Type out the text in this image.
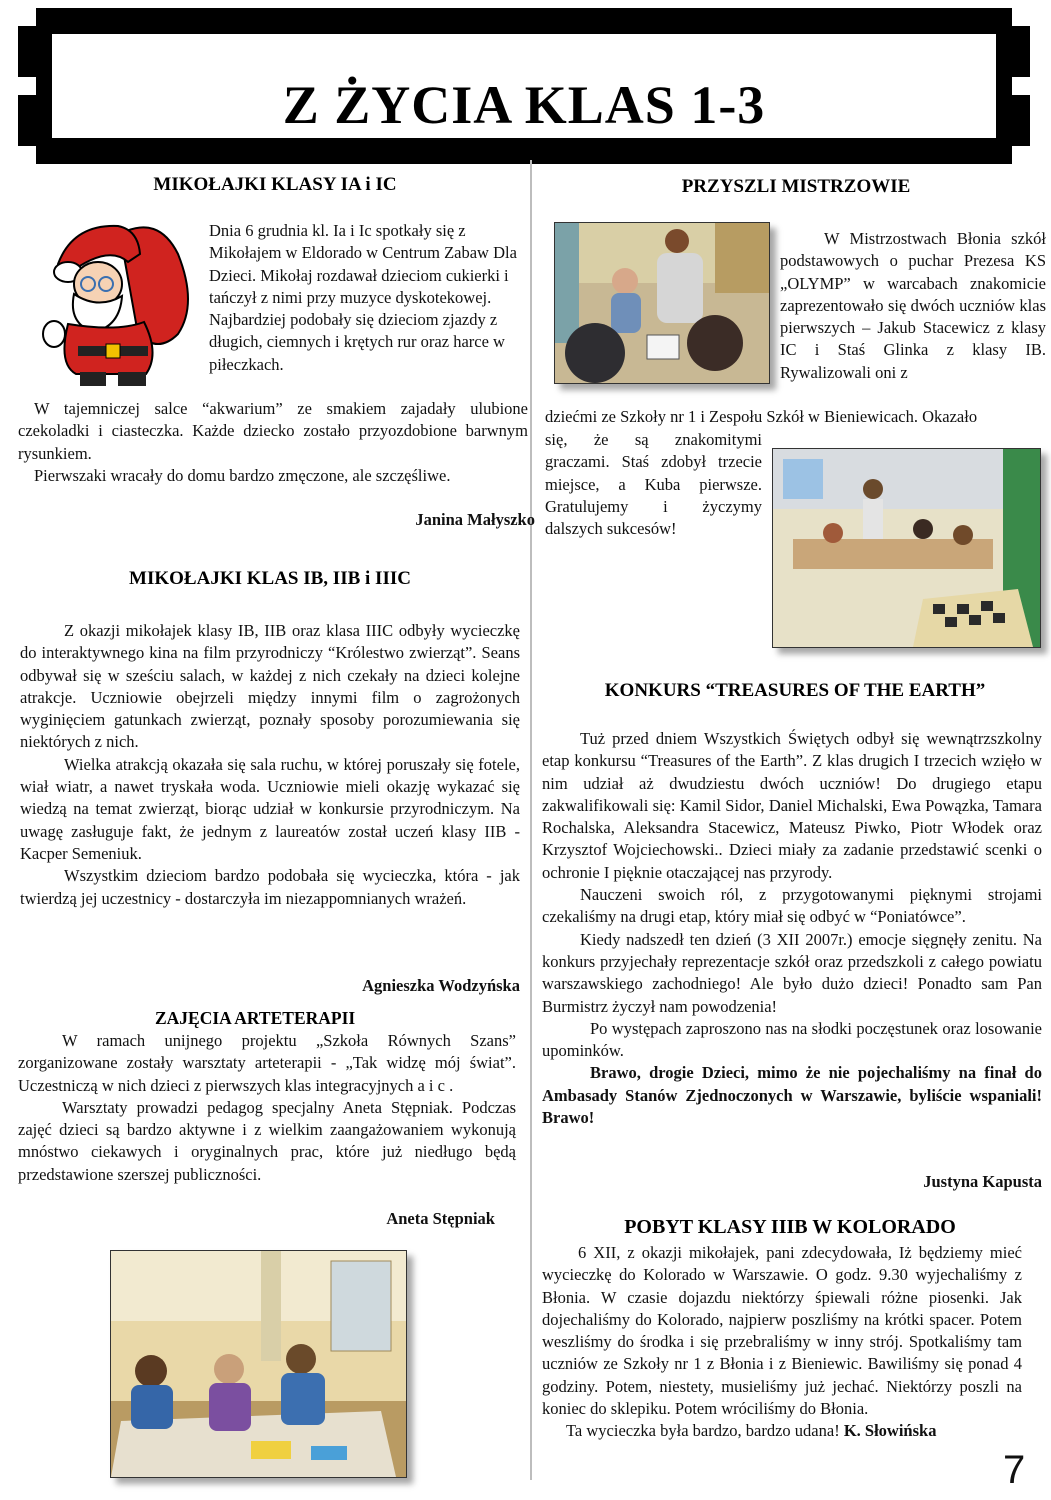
Z ŻYCIA KLAS 1-3
MIKOŁAJKI KLASY IA i IC

Dnia 6 grudnia kl. Ia i Ic spotkały się z Mikołajem w Eldorado w Centrum Zabaw Dla Dzieci. Mikołaj rozdawał dzieciom cukierki i tańczył z nimi przy muzyce dyskotekowej.

Najbardziej podobały się dzieciom zjazdy z długich, ciemnych i krętych rur oraz harce w piłeczkach.

W tajemniczej salce “akwarium” ze smakiem zajadały ulubione czekoladki i ciasteczka. Każde dziecko zostało przyozdobione barwnym rysunkiem.

Pierwszaki wracały do domu bardzo zmęczone, ale szczęśliwe.

Janina Małyszko
MIKOŁAJKI KLAS IB, IIB i IIIC

Z okazji mikołajek klasy IB, IIB oraz klasa IIIC odbyły wycieczkę do interaktywnego kina na film przyrodniczy “Królestwo zwierząt”. Seans odbywał się w sześciu salach, w każdej z nich czekały na dzieci kolejne atrakcje. Uczniowie obejrzeli między innymi film o zagrożonych wyginięciem gatunkach zwierząt, poznały sposoby porozumiewania się niektórych z nich.

Wielka atrakcją okazała się sala ruchu, w której poruszały się fotele, wiał wiatr, a nawet tryskała woda. Uczniowie mieli okazję wykazać się wiedzą na temat zwierząt, biorąc udział w konkursie przyrodniczym. Na uwagę zasługuje fakt, że jednym z laureatów został uczeń klasy IIB - Kacper Semeniuk.

Wszystkim dzieciom bardzo podobała się wycieczka, która - jak twierdzą jej uczestnicy - dostarczyła im niezappomnianych wrażeń.

Agnieszka Wodzyńska
ZAJĘCIA ARTETERAPII

W ramach unijnego projektu „Szkoła Równych Szans” zorganizowane zostały warsztaty arteterapii - „Tak widzę mój świat”. Uczestniczą w nich dzieci z pierwszych klas integracyjnych a i c .

Warsztaty prowadzi pedagog specjalny Aneta Stępniak. Podczas zajęć dzieci są bardzo aktywne i z wielkim zaangażowaniem wykonują mnóstwo ciekawych i oryginalnych prac, które już niedługo będą przedstawione szerszej publiczności.

Aneta Stępniak
PRZYSZLI MISTRZOWIE

W Mistrzostwach Błonia szkół podstawowych o puchar Prezesa KS „OLYMP” w warcabach znakomicie zaprezentowało się dwóch uczniów klas pierwszych – Jakub Stacewicz z klasy IC i Staś Glinka z klasy IB. Rywalizowali oni z

dziećmi ze Szkoły nr 1 i Zespołu Szkół w Bieniewicach. Okazało

się, że są znakomitymi graczami. Staś zdobył trzecie miejsce, a Kuba pierwsze. Gratulujemy i życzymy dalszych sukcesów!

KONKURS “TREASURES OF THE EARTH”

Tuż przed dniem Wszystkich Świętych odbył się wewnątrzszkolny etap konkursu “Treasures of the Earth”. Z klas drugich I trzecich wzięło w nim udział aż dwudziestu dwóch uczniów! Do drugiego etapu zakwalifikowali się: Kamil Sidor, Daniel Michalski, Ewa Powązka, Tamara Rochalska, Aleksandra Stacewicz, Mateusz Piwko, Piotr Włodek oraz Krzysztof Wojciechowski.. Dzieci miały za zadanie przedstawić scenki o ochronie I pięknie otaczającej nas przyrody.

Nauczeni swoich ról, z przygotowanymi pięknymi strojami czekaliśmy na drugi etap, który miał się odbyć w “Poniatówce”.

Kiedy nadszedł ten dzień (3 XII 2007r.) emocje sięgnęły zenitu. Na konkurs przyjechały reprezentacje szkół oraz przedszkoli z całego powiatu warszawskiego zachodniego! Ale było dużo dzieci! Ponadto sam Pan Burmistrz życzył nam powodzenia!

Po występach zaproszono nas na słodki poczęstunek oraz losowanie upominków.

Brawo, drogie Dzieci, mimo że nie pojechaliśmy na finał do Ambasady Stanów Zjednoczonych w Warszawie, byliście wspaniali! Brawo!

Justyna Kapusta
POBYT KLASY IIIB W KOLORADO

6 XII, z okazji mikołajek, pani zdecydowała, Iż będziemy mieć wycieczkę do Kolorado w Warszawie. O godz. 9.30 wyjechaliśmy z Błonia. W czasie dojazdu niektórzy śpiewali różne piosenki. Jak dojechaliśmy do Kolorado, najpierw poszliśmy na krótki spacer. Potem weszliśmy do środka i się przebraliśmy w inny strój. Spotkaliśmy tam uczniów ze Szkoły nr 1 z Błonia i z Bieniewic. Bawiliśmy się ponad 4 godziny. Potem, niestety, musieliśmy już jechać. Niektórzy poszli na koniec do sklepiku. Potem wróciliśmy do Błonia.

Ta wycieczka była bardzo, bardzo udana! K. Słowińska

7
